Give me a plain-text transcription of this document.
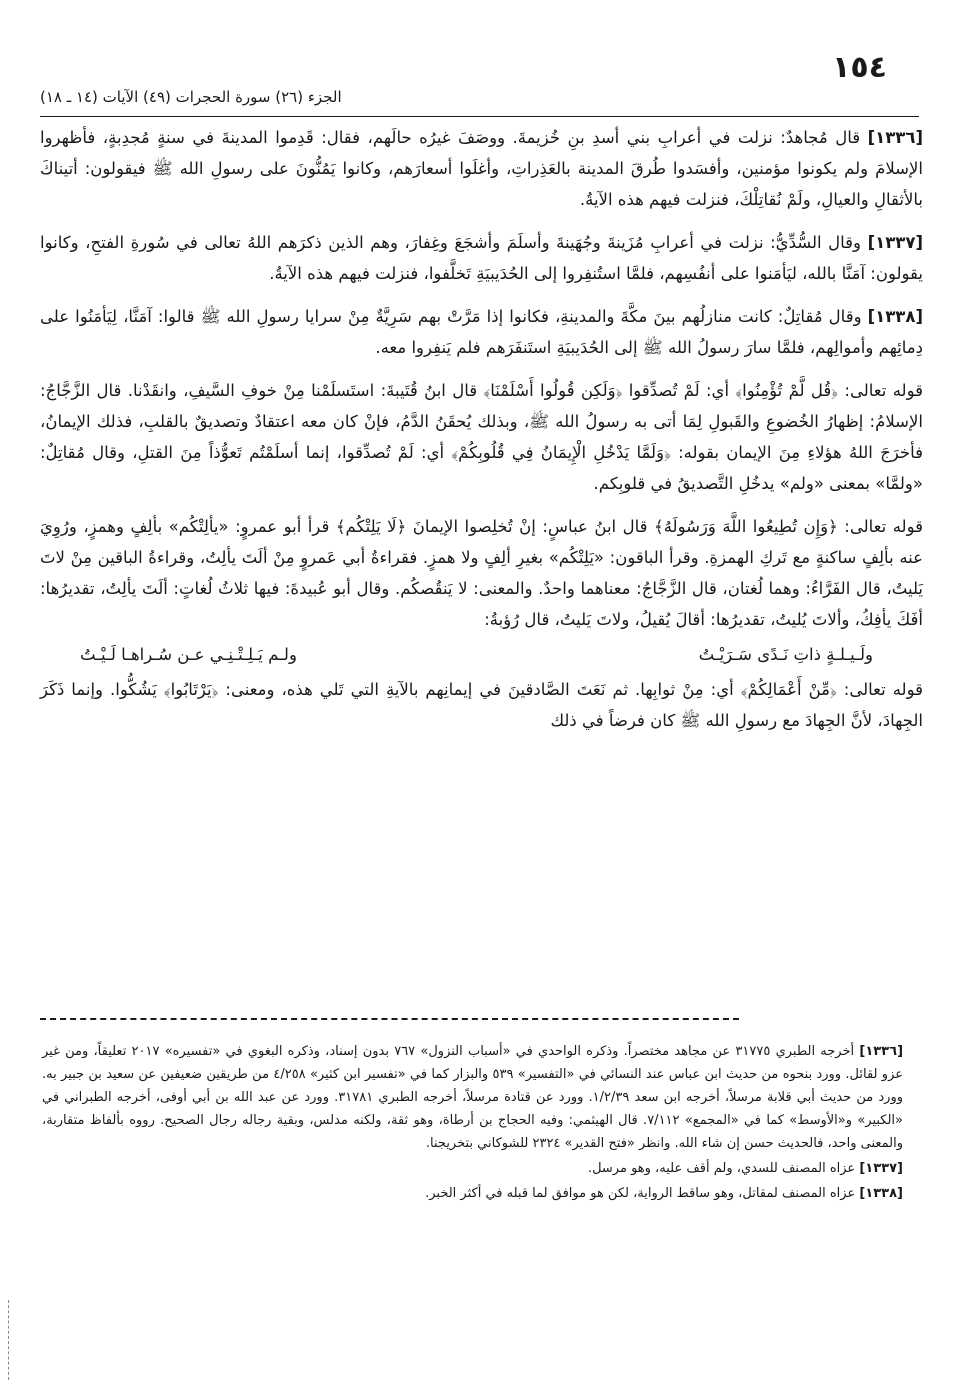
١٥٤
الجزء (٢٦) سورة الحجرات (٤٩) الآيات (١٤ ـ ١٨)

[١٣٣٦] قال مُجاهدٌ: نزلت في أعرابِ بني أسدِ بنِ خُزيمةَ. ووصَفَ غيرُه حالَهم، فقال: قَدِموا المدينةَ في سنةٍ مُجدِبةٍ، فأظهروا الإسلامَ ولم يكونوا مؤمنين، وأفسَدوا طُرقَ المدينة بالعَذِراتِ، وأغلَوا أسعارَهم، وكانوا يَمُنُّونَ على رسولِ الله ﷺ فيقولون: أتيناكَ بالأثقالِ والعيالِ، ولَمْ نُقاتِلْكَ، فنزلت فيهم هذه الآيةُ.

[١٣٣٧] وقال السُّدِّيُّ: نزلت في أعرابِ مُزَينةَ وجُهَينةَ وأسلَمَ وأشجَعَ وغِفارَ، وهم الذين ذكرَهم اللهُ تعالى في سُورةِ الفتحِ، وكانوا يقولون: آمَنَّا بالله، ليَأمَنوا على أنفُسِهم، فلمَّا استُنفِروا إلى الحُدَيبيَةِ تَخلَّفوا، فنزلت فيهم هذه الآيةُ.

[١٣٣٨] وقال مُقاتِلٌ: كانت منازلُهم بينَ مكَّةَ والمدينةِ، فكانوا إذا مَرَّتْ بهم سَرِيَّةٌ مِنْ سرايا رسولِ الله ﷺ قالوا: آمَنَّا، لِيَأمَنُوا على دِمائِهم وأموالِهم، فلمَّا سارَ رسولُ الله ﷺ إلى الحُدَيبيَةِ استَنفَرَهم فلم يَنفِروا معه.

قوله تعالى: ﴿قُل لَّمْ تُؤْمِنُوا﴾ أي: لَمْ تُصدِّقوا ﴿وَلَكِن قُولُوا أَسْلَمْنَا﴾ قال ابنُ قُتَيبةَ: استَسلَمْنا مِنْ خوفِ السَّيفِ، وانقَدْنا. قال الزَّجَّاجُ: الإسلامُ: إظهارُ الخُضوعِ والقَبولِ لِمَا أتى به رسولُ الله ﷺ، وبذلك يُحقَنُ الدَّمُ، فإنْ كان معه اعتقادٌ وتصديقٌ بالقلبِ، فذلك الإيمانُ، فأخرَجَ اللهُ هؤلاءِ مِنَ الإيمان بقوله: ﴿وَلَمَّا يَدْخُلِ الْإِيمَانُ فِي قُلُوبِكُمْ﴾ أي: لَمْ تُصدِّقوا، إنما أسلَمْتُم تَعوُّذاً مِنَ القتلِ، وقال مُقاتِلٌ: «ولمَّا» بمعنى «ولم» يدخُلِ التَّصديقُ في قلوبِكم.

قوله تعالى: ﴿وَإِن تُطِيعُوا اللَّهَ وَرَسُولَهُ﴾ قال ابنُ عباسٍ: إنْ تُخلِصوا الإيمانَ ﴿لَا يَلِتْكُم﴾ قرأ أبو عمروٍ: «يألِتْكُم» بألِفٍ وهمزٍ، ورُوِيَ عنه بألِفٍ ساكنةٍ مع تَركِ الهمزةِ. وقرأ الباقون: «يَلِتْكُم» بغيرِ ألِفٍ ولا همزٍ. فقراءةُ أبي عَمروٍ مِنْ ألَتَ يألِتُ، وقراءةُ الباقين مِنْ لاتَ يَليتُ، قال الفَرَّاءُ: وهما لُغتان، قال الزَّجَّاجُ: معناهما واحدٌ. والمعنى: لا يَنقُصكُم. وقال أبو عُبيدةَ: فيها ثلاثُ لُغاتٍ: ألَتَ يألِتُ، تقديرُها: أفَكَ يأفِكُ، وألاتَ يُليتُ، تقديرُها: أقالَ يُقيلُ، ولاتَ يَليتُ، قال رُؤبةُ:

ولَـيـلـةٍ ذاتِ نَـدًى سَـرَيْـتُ
ولـم يَـلِـتْـنِـي عـن سُـراهـا لَـيْـتُ

قوله تعالى: ﴿مِّنْ أَعْمَالِكُمْ﴾ أي: مِنْ ثوابِها. ثم نَعَتَ الصَّادقينَ في إيمانِهم بالآيةِ التي تَلي هذه، ومعنى: ﴿يَرْتَابُوا﴾ يَشُكُّوا. وإنما ذَكَرَ الجِهادَ، لأنَّ الجِهادَ مع رسولِ الله ﷺ كان فرضاً في ذلك

[١٣٣٦] أخرجه الطبري ٣١٧٧٥ عن مجاهد مختصراً. وذكره الواحدي في «أسباب النزول» ٧٦٧ بدون إسناد، وذكره البغوي في «تفسيره» ٢٠١٧ تعليقاً، ومن غير عزو لقائل. وورد بنحوه من حديث ابن عباس عند النسائي في «التفسير» ٥٣٩ والبزار كما في «تفسير ابن كثير» ٤/٢٥٨ من طريقين ضعيفين عن سعيد بن جبير به. وورد من حديث أبي قلابة مرسلاً، أخرجه ابن سعد ١/٢/٣٩. وورد عن قتادة مرسلاً، أخرجه الطبري ٣١٧٨١. وورد عن عبد الله بن أبي أوفى، أخرجه الطبراني في «الكبير» و«الأوسط» كما في «المجمع» ٧/١١٢. قال الهيثمي: وفيه الحجاج بن أرطاة، وهو ثقة، ولكنه مدلس، وبقية رجاله رجال الصحيح. رووه بألفاظ متقاربة، والمعنى واحد، فالحديث حسن إن شاء الله. وانظر «فتح القدير» ٢٣٢٤ للشوكاني بتخريجنا.

[١٣٣٧] عزاه المصنف للسدي، ولم أقف عليه، وهو مرسل.

[١٣٣٨] عزاه المصنف لمقاتل، وهو ساقط الرواية، لكن هو موافق لما قبله في أكثر الخبر.
